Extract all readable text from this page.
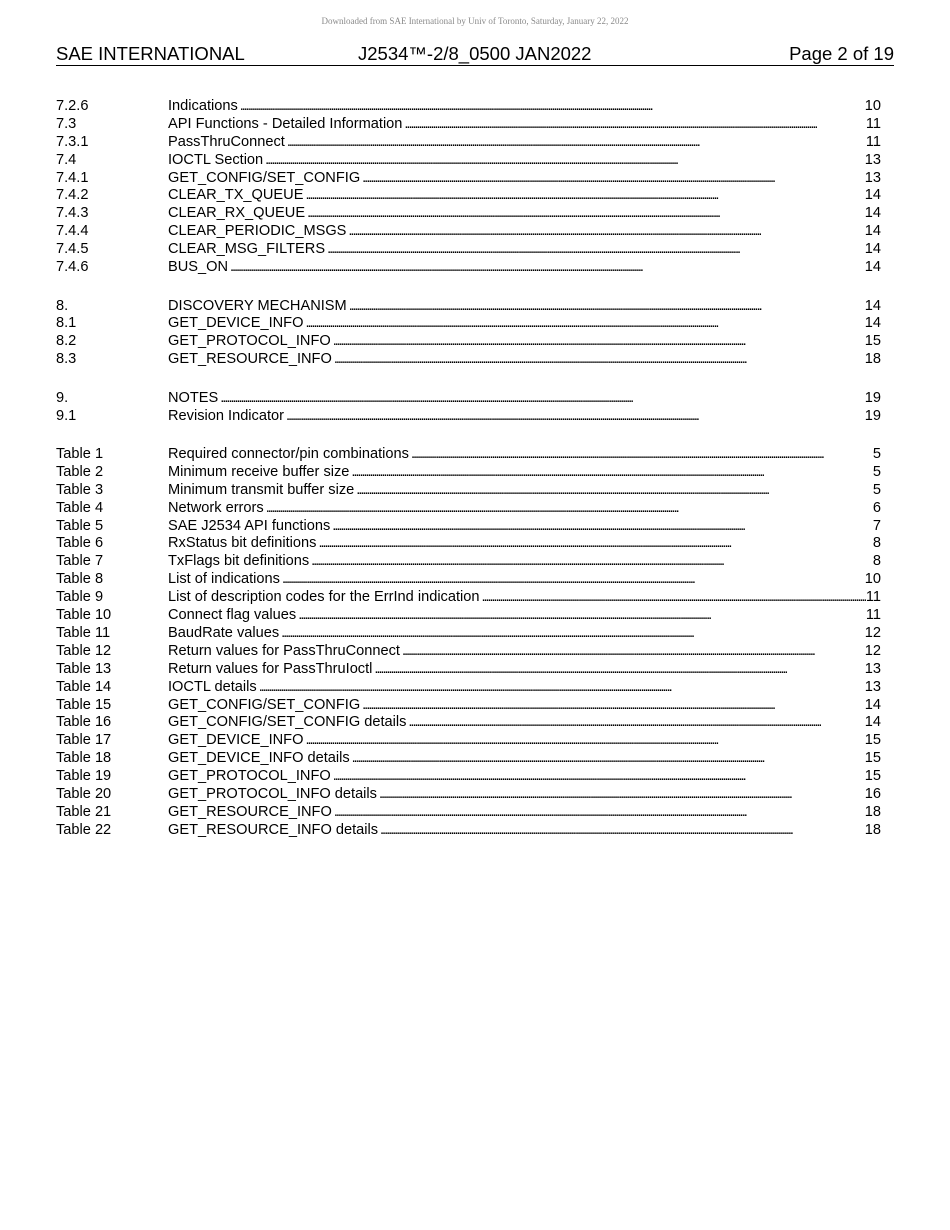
Downloaded from SAE International by Univ of Toronto, Saturday, January 22, 2022
SAE INTERNATIONAL	J2534™-2/8_0500 JAN2022	Page 2 of 19
7.2.6	Indications . . .	10
7.3	API Functions - Detailed Information . . .	11
7.3.1	PassThruConnect . . .	11
7.4	IOCTL Section . . .	13
7.4.1	GET_CONFIG/SET_CONFIG . . .	13
7.4.2	CLEAR_TX_QUEUE . . .	14
7.4.3	CLEAR_RX_QUEUE . . .	14
7.4.4	CLEAR_PERIODIC_MSGS . . .	14
7.4.5	CLEAR_MSG_FILTERS . . .	14
7.4.6	BUS_ON . . .	14
8.	DISCOVERY MECHANISM . . .	14
8.1	GET_DEVICE_INFO . . .	14
8.2	GET_PROTOCOL_INFO . . .	15
8.3	GET_RESOURCE_INFO . . .	18
9.	NOTES . . .	19
9.1	Revision Indicator . . .	19
Table 1	Required connector/pin combinations . . .	5
Table 2	Minimum receive buffer size . . .	5
Table 3	Minimum transmit buffer size . . .	5
Table 4	Network errors . . .	6
Table 5	SAE J2534 API functions . . .	7
Table 6	RxStatus bit definitions . . .	8
Table 7	TxFlags bit definitions . . .	8
Table 8	List of indications . . .	10
Table 9	List of description codes for the ErrInd indication . . .	11
Table 10	Connect flag values . . .	11
Table 11	BaudRate values . . .	12
Table 12	Return values for PassThruConnect . . .	12
Table 13	Return values for PassThruIoctl . . .	13
Table 14	IOCTL details . . .	13
Table 15	GET_CONFIG/SET_CONFIG . . .	14
Table 16	GET_CONFIG/SET_CONFIG details . . .	14
Table 17	GET_DEVICE_INFO . . .	15
Table 18	GET_DEVICE_INFO details . . .	15
Table 19	GET_PROTOCOL_INFO . . .	15
Table 20	GET_PROTOCOL_INFO details . . .	16
Table 21	GET_RESOURCE_INFO . . .	18
Table 22	GET_RESOURCE_INFO details . . .	18
